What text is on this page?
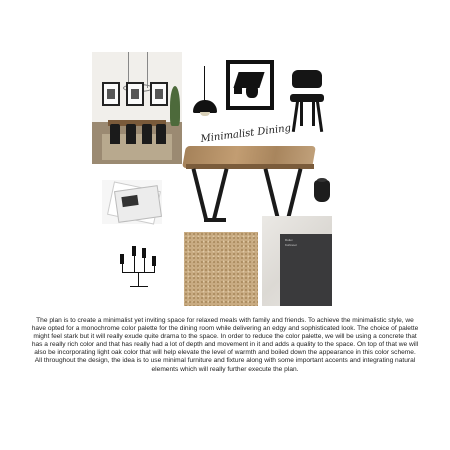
Minimalist Dining
Dulux
Kohinoor
The plan is to create a minimalist yet inviting space for relaxed meals with family and friends. To achieve the minimalistic style, we have opted for a monochrome color palette for the dining room while delivering an edgy and sophisticated look. The choice of palette might feel stark but it will really exude quite drama to the space. In order to reduce the color palette, we will be using a concrete that has a really rich color and that has really had a lot of depth and movement in it and adds a quality to the space. On top of that we will also be incorporating light oak color that will help elevate the level of warmth and boiled down the appearance in this color scheme. All throughout the design, the idea is to use minimal furniture and fixture along with some important accents and integrating natural elements which will really further execute the plan.
